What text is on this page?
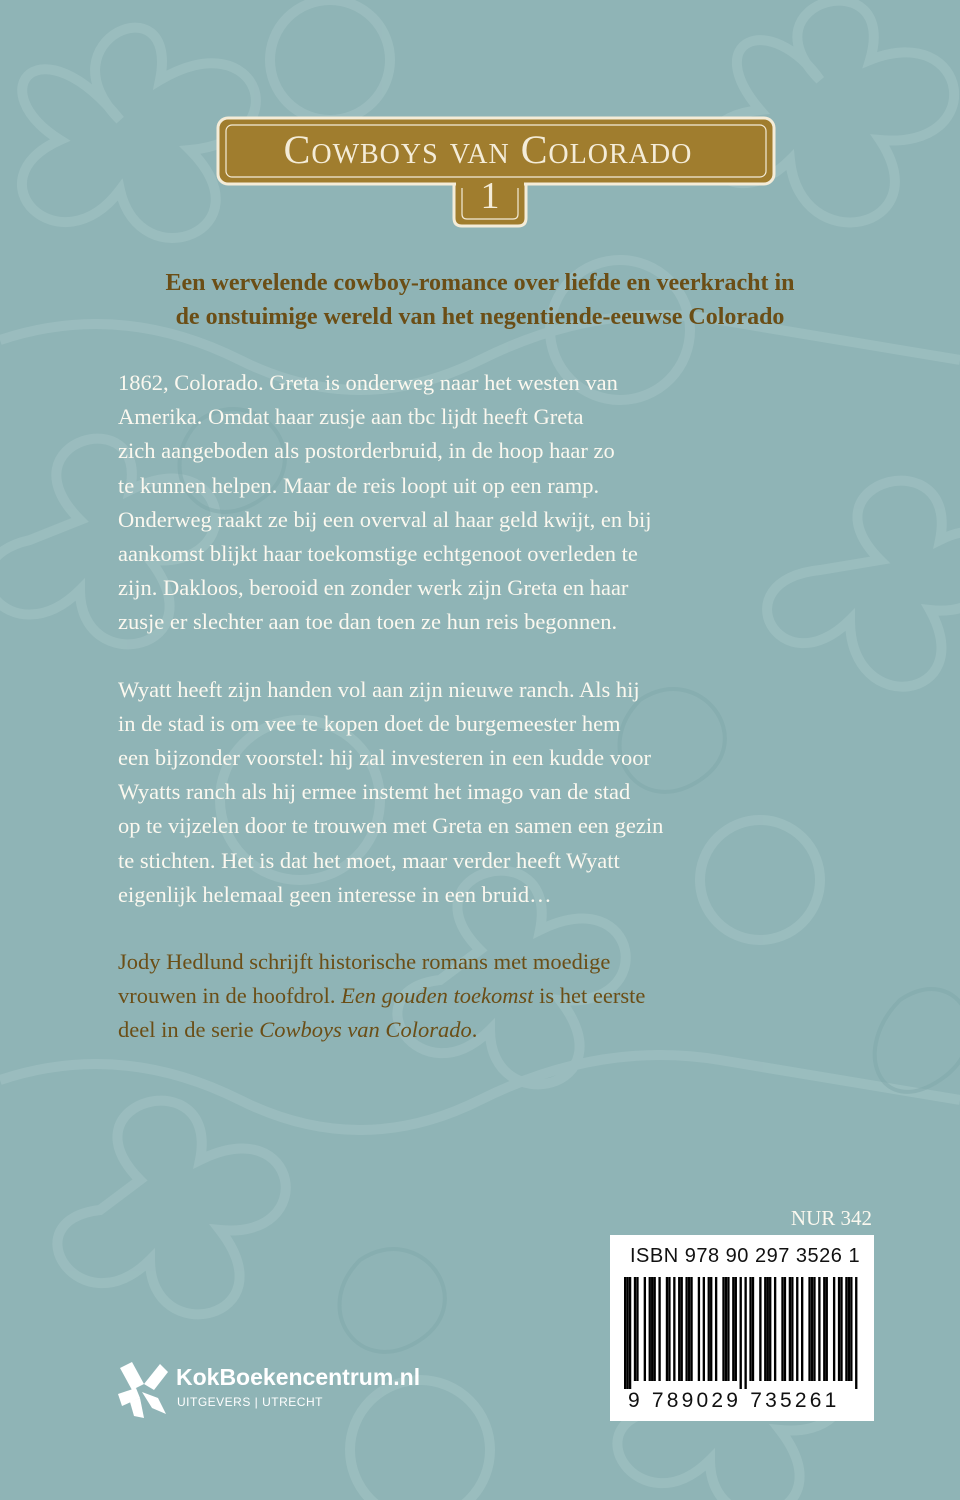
Cowboys van Colorado
1
Een wervelende cowboy-romance over liefde en veerkracht in
de onstuimige wereld van het negentiende-eeuwse Colorado
1862, Colorado. Greta is onderweg naar het westen van
Amerika. Omdat haar zusje aan tbc lijdt heeft Greta
zich aangeboden als postorderbruid, in de hoop haar zo
te kunnen helpen. Maar de reis loopt uit op een ramp.
Onderweg raakt ze bij een overval al haar geld kwijt, en bij
aankomst blijkt haar toekomstige echtgenoot overleden te
zijn. Dakloos, berooid en zonder werk zijn Greta en haar
zusje er slechter aan toe dan toen ze hun reis begonnen.
Wyatt heeft zijn handen vol aan zijn nieuwe ranch. Als hij
in de stad is om vee te kopen doet de burgemeester hem
een bijzonder voorstel: hij zal investeren in een kudde voor
Wyatts ranch als hij ermee instemt het imago van de stad
op te vijzelen door te trouwen met Greta en samen een gezin
te stichten. Het is dat het moet, maar verder heeft Wyatt
eigenlijk helemaal geen interesse in een bruid…
Jody Hedlund schrijft historische romans met moedige
vrouwen in de hoofdrol. Een gouden toekomst is het eerste
deel in de serie Cowboys van Colorado.
NUR 342
ISBN 978 90 297 3526 1
9 789029 735261
KokBoekencentrum.nl
UITGEVERS | UTRECHT
